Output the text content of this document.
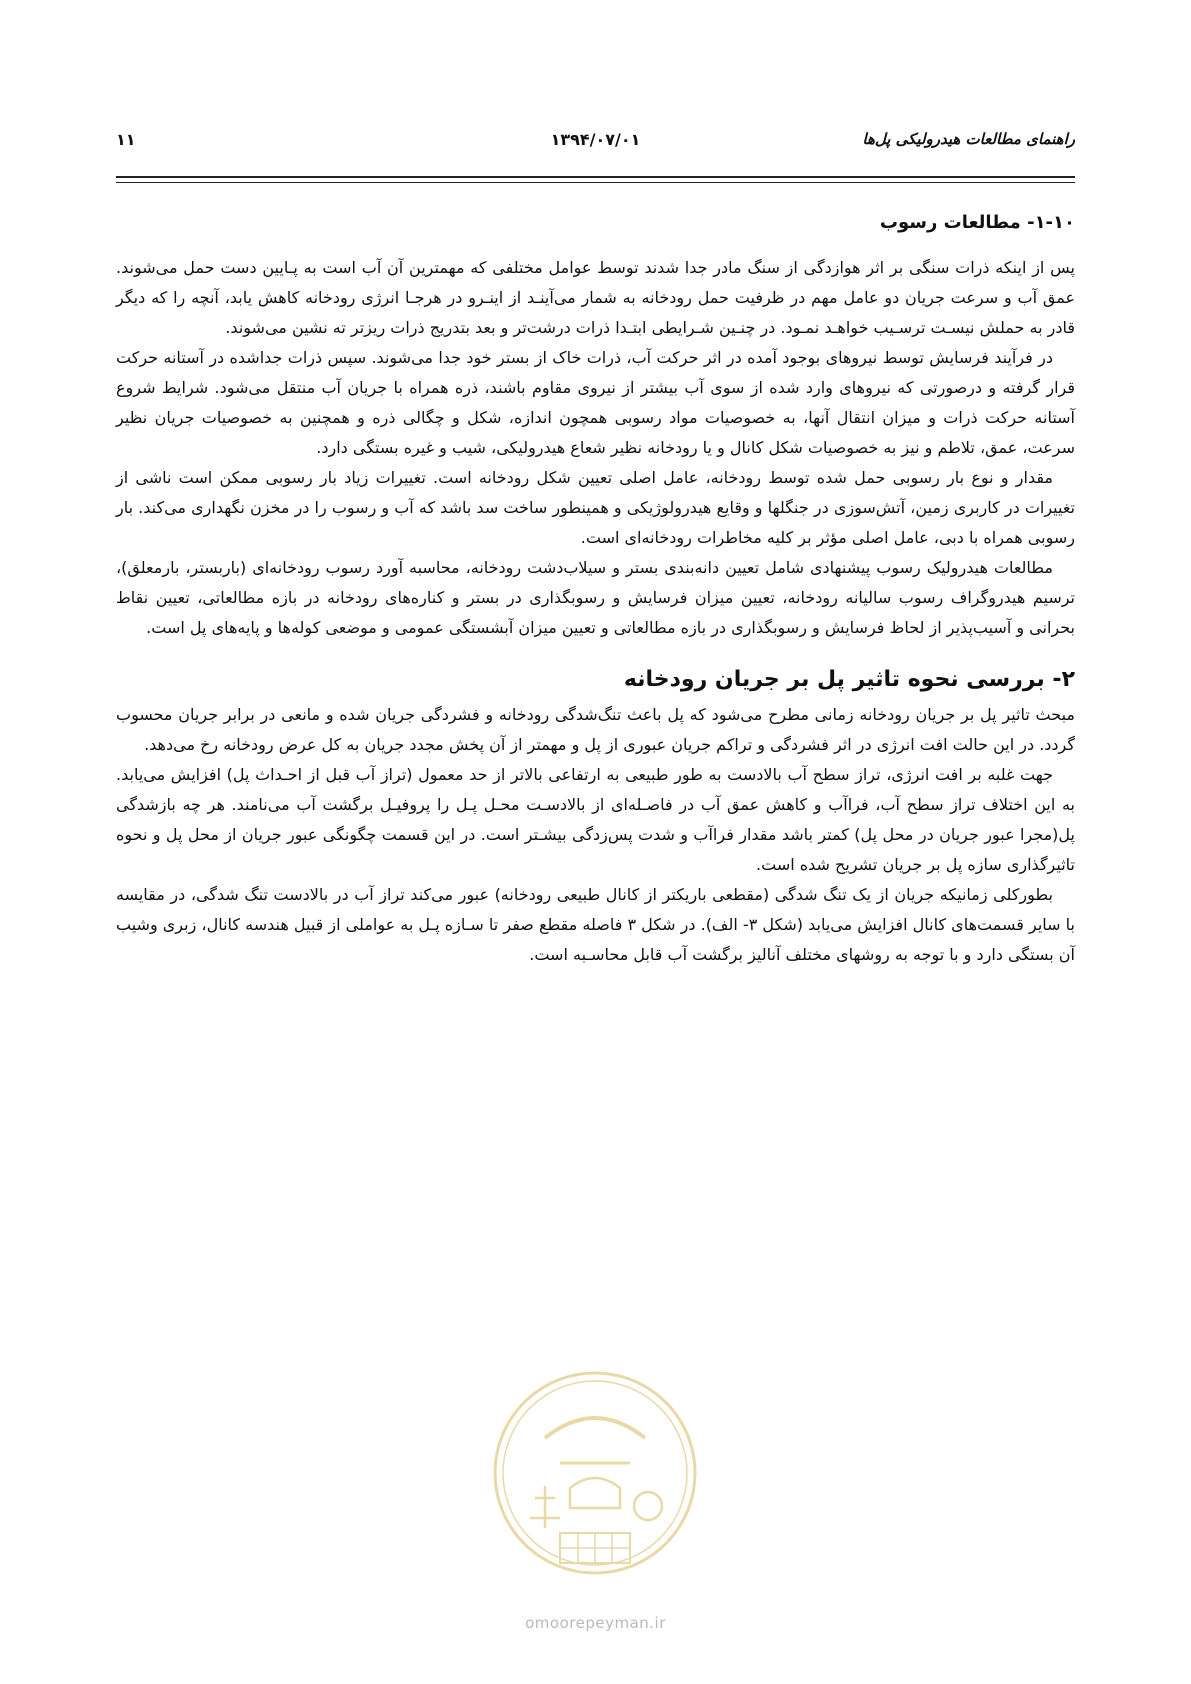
راهنمای مطالعات هیدرولیکی پل‌ها
۱۳۹۴/۰۷/۰۱
۱۱
۱-۱۰- مطالعات رسوب

پس از اینکه ذرات سنگی بر اثر هوازدگی از سنگ مادر جدا شدند توسط عوامل مختلفی که مهمترین آن آب است به پـایین دست حمل می‌شوند. عمق آب و سرعت جریان دو عامل مهم در ظرفیت حمل رودخانه به شمار می‌آینـد از اینـرو در هرجـا انرژی رودخانه کاهش یابد، آنچه را که دیگر قادر به حملش نیسـت ترسـیب خواهـد نمـود. در چنـین شـرایطی ابتـدا ذرات درشت‌تر و بعد بتدریج ذرات ریزتر ته نشین می‌شوند.

در فرآیند فرسایش توسط نیروهای بوجود آمده در اثر حرکت آب، ذرات خاک از بستر خود جدا می‌شوند. سپس ذرات جداشده در آستانه حرکت قرار گرفته و درصورتی که نیروهای وارد شده از سوی آب بیشتر از نیروی مقاوم باشند، ذره همراه با جریان آب منتقل می‌شود. شرایط شروع آستانه حرکت ذرات و میزان انتقال آنها، به خصوصیات مواد رسوبی همچون اندازه، شکل و چگالی ذره و همچنین به خصوصیات جریان نظیر سرعت، عمق، تلاطم و نیز به خصوصیات شکل کانال و یا رودخانه نظیر شعاع هیدرولیکی، شیب و غیره بستگی دارد.

مقدار و نوع بار رسوبی حمل شده توسط رودخانه، عامل اصلی تعیین شکل رودخانه است. تغییرات زیاد بار رسوبی ممکن است ناشی از تغییرات در کاربری زمین، آتش‌سوزی در جنگلها و وقایع هیدرولوژیکی و همینطور ساخت سد باشد که آب و رسوب را در مخزن نگهداری می‌کند. بار رسوبی همراه با دبی، عامل اصلی مؤثر بر کلیه مخاطرات رودخانه‌ای است.

مطالعات هیدرولیک رسوب پیشنهادی شامل تعیین دانه‌بندی بستر و سیلاب‌دشت رودخانه، محاسبه آورد رسوب رودخانه‌ای (باربستر، بارمعلق)، ترسیم هیدروگراف رسوب سالیانه رودخانه، تعیین میزان فرسایش و رسوبگذاری در بستر و کناره‌های رودخانه در بازه مطالعاتی، تعیین نقاط بحرانی و آسیب‌پذیر از لحاظ فرسایش و رسوبگذاری در بازه مطالعاتی و تعیین میزان آبشستگی عمومی و موضعی کوله‌ها و پایه‌های پل است.

۲- بررسی نحوه تاثیر پل بر جریان رودخانه

مبحث تاثیر پل بر جریان رودخانه زمانی مطرح می‌شود که پل باعث تنگ‌شدگی رودخانه و فشردگی جریان شده و مانعی در برابر جریان محسوب گردد. در این حالت افت انرژی در اثر فشردگی و تراکم جریان عبوری از پل و مهمتر از آن پخش مجدد جریان به کل عرض رودخانه رخ می‌دهد.

جهت غلبه بر افت انرژی، تراز سطح آب بالادست به طور طبیعی به ارتفاعی بالاتر از حد معمول (تراز آب قبل از احـداث پل) افزایش می‌یابد. به این اختلاف تراز سطح آب، فراآب و کاهش عمق آب در فاصـله‌ای از بالادسـت محـل پـل را پروفیـل برگشت آب می‌نامند. هر چه بازشدگی پل(مجرا عبور جریان در محل پل) کمتر باشد مقدار فراآب و شدت پس‌زدگی بیشـتر است. در این قسمت چگونگی عبور جریان از محل پل و نحوه تاثیرگذاری سازه پل بر جریان تشریح شده است.

بطورکلی زمانیکه جریان از یک تنگ شدگی (مقطعی باریکتر از کانال طبیعی رودخانه) عبور می‌کند تراز آب در بالادست تنگ شدگی، در مقایسه با سایر قسمت‌های کانال افزایش می‌یابد (شکل ۳- الف). در شکل ۳ فاصله مقطع صفر تا سـازه پـل به عواملی از قبیل هندسه کانال، زبری وشیب آن بستگی دارد و با توجه به روشهای مختلف آنالیز برگشت آب قابل محاسـبه است.

omoorepeyman.ir
